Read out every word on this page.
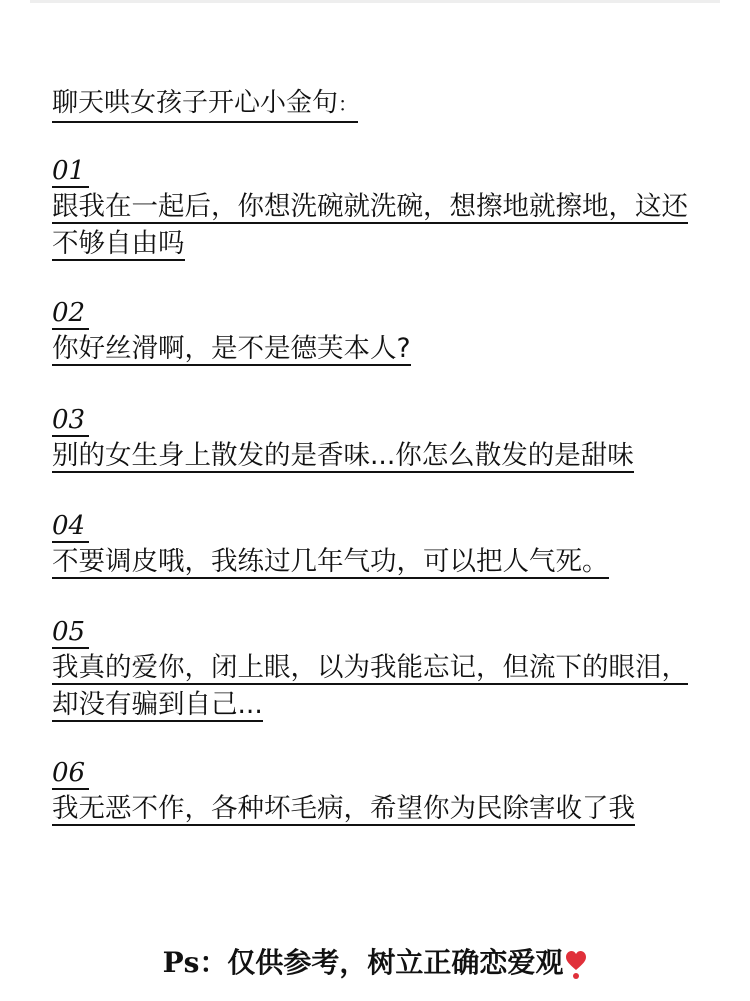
聊天哄女孩子开心小金句：
01
跟我在一起后，你想洗碗就洗碗，想擦地就擦地，这还不够自由吗
02
你好丝滑啊，是不是德芙本人?
03
别的女生身上散发的是香味...你怎么散发的是甜味
04
不要调皮哦，我练过几年气功，可以把人气死。
05
我真的爱你，闭上眼，以为我能忘记，但流下的眼泪，却没有骗到自己...
06
我无恶不作，各种坏毛病，希望你为民除害收了我
Ps：仅供参考，树立正确恋爱观
